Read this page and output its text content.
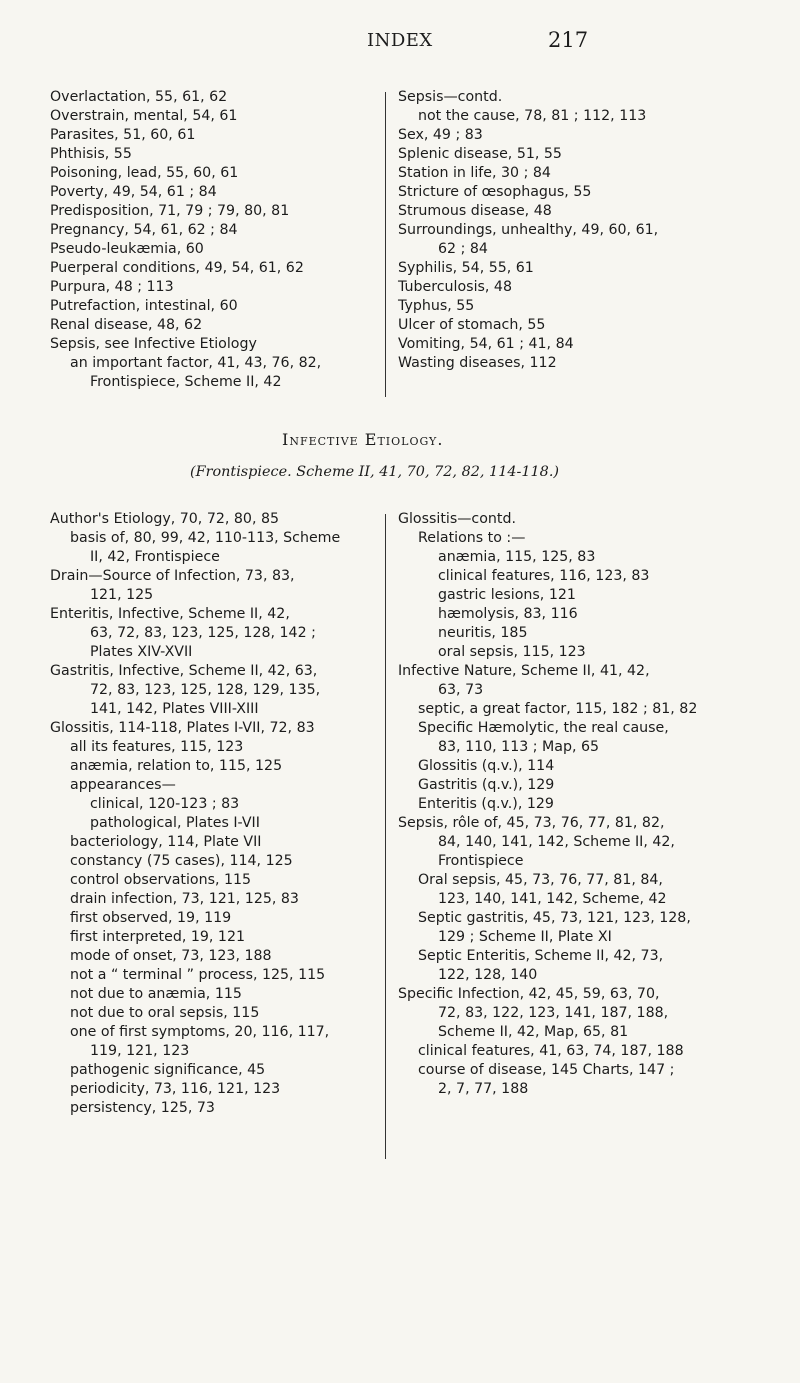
INDEX	217
Overlactation, 55, 61, 62
Overstrain, mental, 54, 61
Parasites, 51, 60, 61
Phthisis, 55
Poisoning, lead, 55, 60, 61
Poverty, 49, 54, 61 ; 84
Predisposition, 71, 79 ; 79, 80, 81
Pregnancy, 54, 61, 62 ; 84
Pseudo-leukæmia, 60
Puerperal conditions, 49, 54, 61, 62
Purpura, 48 ; 113
Putrefaction, intestinal, 60
Renal disease, 48, 62
Sepsis, see Infective Etiology
an important factor, 41, 43, 76, 82,
Frontispiece, Scheme II, 42
Sepsis—contd.
not the cause, 78, 81 ; 112, 113
Sex, 49 ; 83
Splenic disease, 51, 55
Station in life, 30 ; 84
Stricture of œsophagus, 55
Strumous disease, 48
Surroundings, unhealthy, 49, 60, 61,
62 ; 84
Syphilis, 54, 55, 61
Tuberculosis, 48
Typhus, 55
Ulcer of stomach, 55
Vomiting, 54, 61 ; 41, 84
Wasting diseases, 112
Infective Etiology.
(Frontispiece. Scheme II, 41, 70, 72, 82, 114-118.)
Author's Etiology, 70, 72, 80, 85
basis of, 80, 99, 42, 110-113, Scheme
II, 42, Frontispiece
Drain—Source of Infection, 73, 83,
121, 125
Enteritis, Infective, Scheme II, 42,
63, 72, 83, 123, 125, 128, 142 ;
Plates XIV-XVII
Gastritis, Infective, Scheme II, 42, 63,
72, 83, 123, 125, 128, 129, 135,
141, 142, Plates VIII-XIII
Glossitis, 114-118, Plates I-VII, 72, 83
all its features, 115, 123
anæmia, relation to, 115, 125
appearances—
clinical, 120-123 ; 83
pathological, Plates I-VII
bacteriology, 114, Plate VII
constancy (75 cases), 114, 125
control observations, 115
drain infection, 73, 121, 125, 83
first observed, 19, 119
first interpreted, 19, 121
mode of onset, 73, 123, 188
not a “ terminal ” process, 125, 115
not due to anæmia, 115
not due to oral sepsis, 115
one of first symptoms, 20, 116, 117,
119, 121, 123
pathogenic significance, 45
periodicity, 73, 116, 121, 123
persistency, 125, 73
Glossitis—contd.
Relations to :—
anæmia, 115, 125, 83
clinical features, 116, 123, 83
gastric lesions, 121
hæmolysis, 83, 116
neuritis, 185
oral sepsis, 115, 123
Infective Nature, Scheme II, 41, 42,
63, 73
septic, a great factor, 115, 182 ; 81, 82
Specific Hæmolytic, the real cause,
83, 110, 113 ; Map, 65
Glossitis (q.v.), 114
Gastritis (q.v.), 129
Enteritis (q.v.), 129
Sepsis, rôle of, 45, 73, 76, 77, 81, 82,
84, 140, 141, 142, Scheme II, 42,
Frontispiece
Oral sepsis, 45, 73, 76, 77, 81, 84,
123, 140, 141, 142, Scheme, 42
Septic gastritis, 45, 73, 121, 123, 128,
129 ; Scheme II, Plate XI
Septic Enteritis, Scheme II, 42, 73,
122, 128, 140
Specific Infection, 42, 45, 59, 63, 70,
72, 83, 122, 123, 141, 187, 188,
Scheme II, 42, Map, 65, 81
clinical features, 41, 63, 74, 187, 188
course of disease, 145 Charts, 147 ;
2, 7, 77, 188
